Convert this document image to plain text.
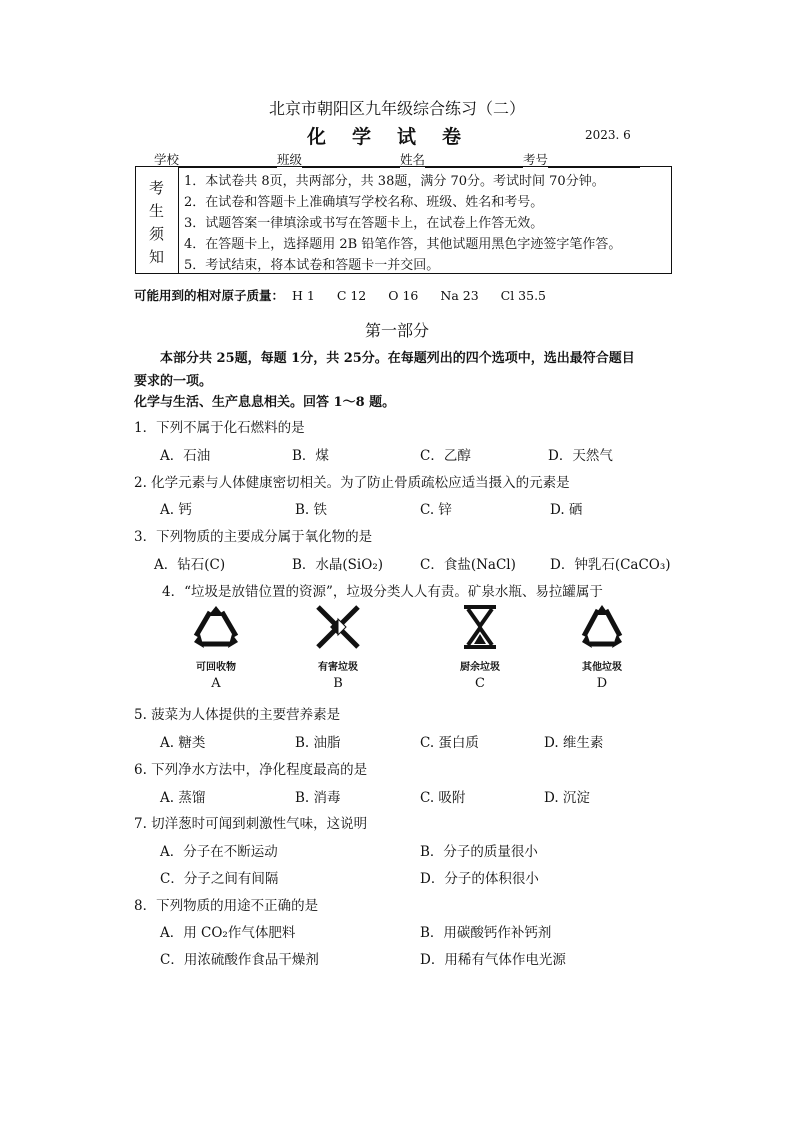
北京市朝阳区九年级综合练习（二）
化学试卷	2023. 6
学校	班级	姓名	考号
考
生
须
知
1．本试卷共 8页，共两部分，共 38题，满分 70分。考试时间 70分钟。
2．在试卷和答题卡上准确填写学校名称、班级、姓名和考号。
3．试题答案一律填涂或书写在答题卡上，在试卷上作答无效。
4．在答题卡上，选择题用 2B 铅笔作答，其他试题用黑色字迹签字笔作答。
5．考试结束，将本试卷和答题卡一并交回。
可能用到的相对原子质量： H 1 C 12 O 16 Na 23 Cl 35.5
第一部分
本部分共 25题，每题 1分，共 25分。在每题列出的四个选项中，选出最符合题目
要求的一项。
化学与生活、生产息息相关。回答 1～8 题。
1．下列不属于化石燃料的是
A．石油	B．煤	C．乙醇	D．天然气
2. 化学元素与人体健康密切相关。为了防止骨质疏松应适当摄入的元素是
A. 钙	B. 铁	C. 锌	D. 硒
3．下列物质的主要成分属于氧化物的是
A．钻石(C)	B．水晶(SiO₂)	C．食盐(NaCl)	D．钟乳石(CaCO₃)
4．“垃圾是放错位置的资源”，垃圾分类人人有责。矿泉水瓶、易拉罐属于
可回收物
A
有害垃圾
B
厨余垃圾
C
其他垃圾
D
5. 菠菜为人体提供的主要营养素是
A. 糖类	B. 油脂	C. 蛋白质	D. 维生素
6. 下列净水方法中，净化程度最高的是
A. 蒸馏	B. 消毒	C. 吸附	D. 沉淀
7. 切洋葱时可闻到刺激性气味，这说明
A．分子在不断运动	B．分子的质量很小
C．分子之间有间隔	D．分子的体积很小
8．下列物质的用途不正确的是
A．用 CO₂作气体肥料	B．用碳酸钙作补钙剂
C．用浓硫酸作食品干燥剂	D．用稀有气体作电光源
